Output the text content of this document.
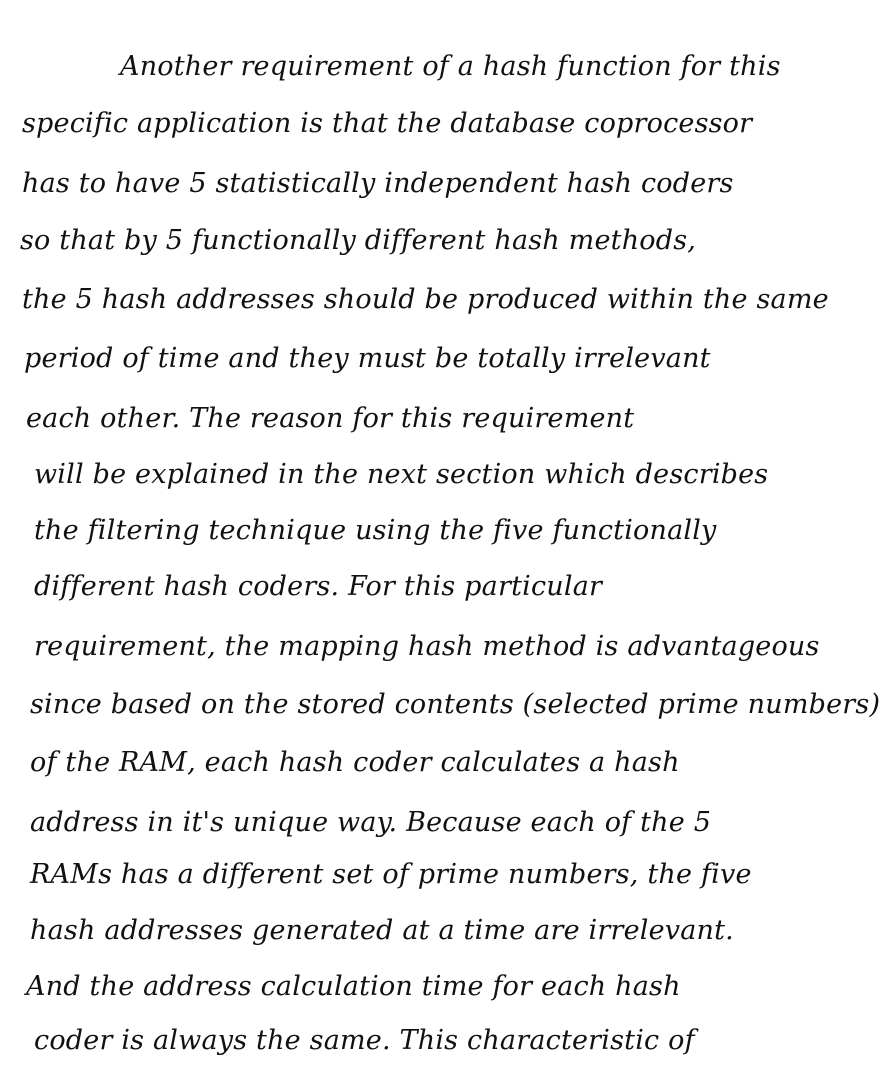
Another requirement of a hash function for this
specific application is that the database coprocessor
has to have 5 statistically independent hash coders
so that by 5 functionally different hash methods,
the 5 hash addresses should be produced within the same
period of time and they must be totally irrelevant
each other. The reason for this requirement
will be explained in the next section which describes
the filtering technique using the five functionally
different hash coders. For this particular
requirement, the mapping hash method is advantageous
since based on the stored contents (selected prime numbers)
of the RAM, each hash coder calculates a hash
address in it's unique way. Because each of the 5
RAMs has a different set of prime numbers, the five
hash addresses generated at a time are irrelevant.
And the address calculation time for each hash
coder is always the same. This characteristic of
